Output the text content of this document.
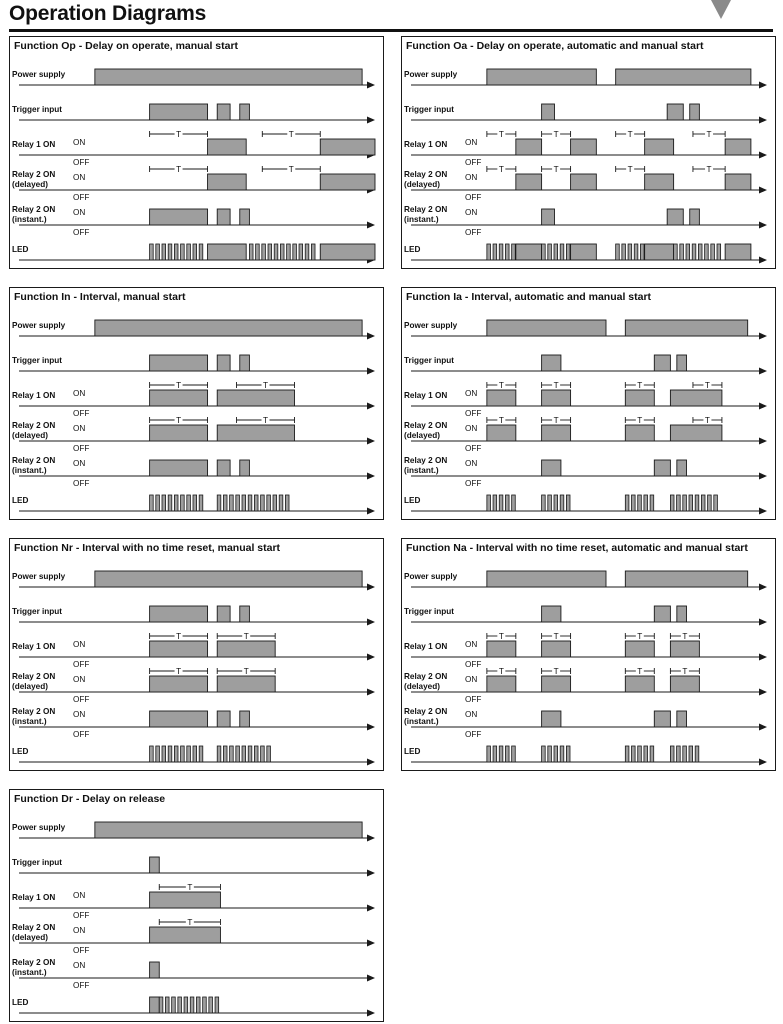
Operation Diagrams
Function Op - Delay on operate, manual start
Power supply
Trigger input
Relay 1 ON
Relay 2 ON
(delayed)
Relay 2 ON
(instant.)
LED
ON
OFF
ON
OFF
ON
OFF
T	T
T	T
Function Oa - Delay on operate, automatic and manual start
Power supply
Trigger input
Relay 1 ON
Relay 2 ON
(delayed)
Relay 2 ON
(instant.)
LED
ON
OFF
ON
OFF
ON
OFF
T	T	T	T
T	T	T	T
Function In - Interval, manual start
Power supply
Trigger input
Relay 1 ON
Relay 2 ON
(delayed)
Relay 2 ON
(instant.)
LED
ON
OFF
ON
OFF
ON
OFF
T	T
T	T
Function Ia - Interval, automatic and manual start
Power supply
Trigger input
Relay 1 ON
Relay 2 ON
(delayed)
Relay 2 ON
(instant.)
LED
ON
OFF
ON
OFF
ON
OFF
T	T	T	T
T	T	T	T
Function Nr - Interval with no time reset, manual start
Power supply
Trigger input
Relay 1 ON
Relay 2 ON
(delayed)
Relay 2 ON
(instant.)
LED
ON
OFF
ON
OFF
ON
OFF
T	T
T	T
Function Na - Interval with no time reset, automatic and manual start
Power supply
Trigger input
Relay 1 ON
Relay 2 ON
(delayed)
Relay 2 ON
(instant.)
LED
ON
OFF
ON
OFF
ON
OFF
T	T	T	T
T	T	T	T
Function Dr - Delay on release
Power supply
Trigger input
Relay 1 ON
Relay 2 ON
(delayed)
Relay 2 ON
(instant.)
LED
ON
OFF
ON
OFF
ON
OFF
T
T
